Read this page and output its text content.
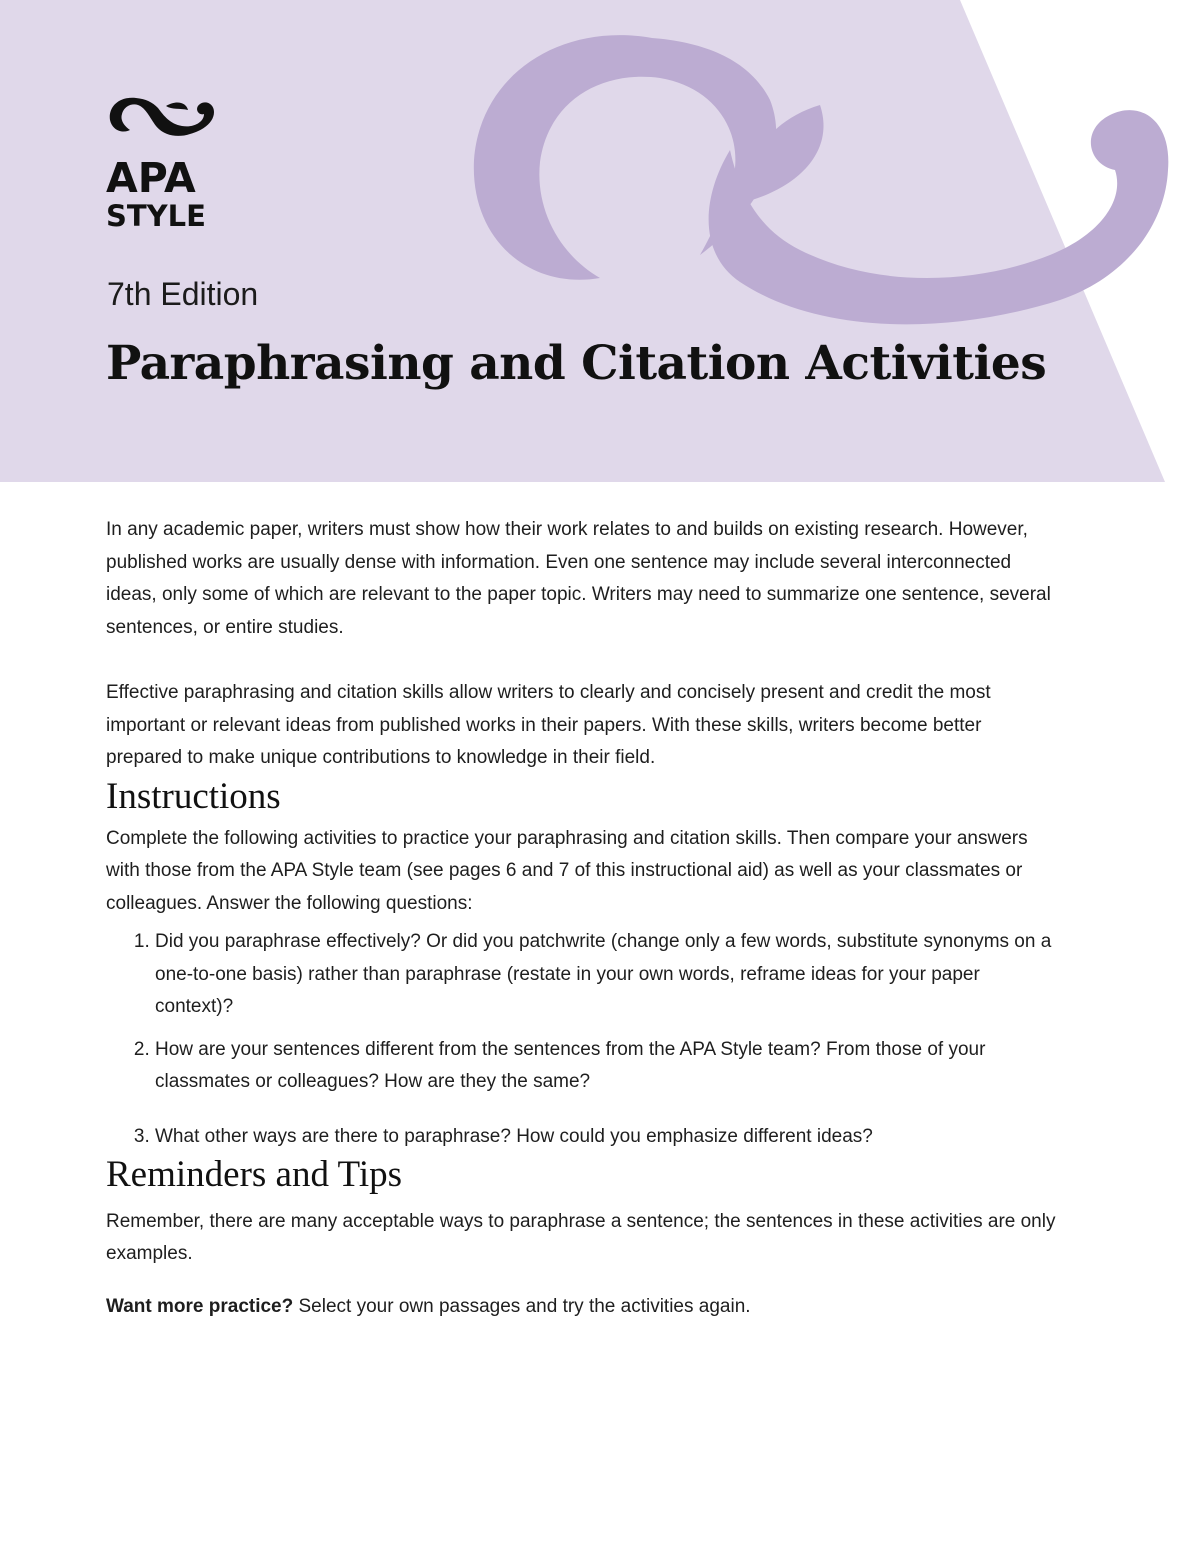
APA
STYLE
7th Edition
Paraphrasing and Citation Activities

In any academic paper, writers must show how their work relates to and builds on existing research. However, published works are usually dense with information. Even one sentence may include several interconnected ideas, only some of which are relevant to the paper topic. Writers may need to summarize one sentence, several sentences, or entire studies.

Effective paraphrasing and citation skills allow writers to clearly and concisely present and credit the most important or relevant ideas from published works in their papers. With these skills, writers become better prepared to make unique contributions to knowledge in their field.

Instructions

Complete the following activities to practice your paraphrasing and citation skills. Then compare your answers with those from the APA Style team (see pages 6 and 7 of this instructional aid) as well as your classmates or colleagues. Answer the following questions:

1. Did you paraphrase effectively? Or did you patchwrite (change only a few words, substitute synonyms on a one-to-one basis) rather than paraphrase (restate in your own words, reframe ideas for your paper context)?
2. How are your sentences different from the sentences from the APA Style team? From those of your classmates or colleagues? How are they the same?
3. What other ways are there to paraphrase? How could you emphasize different ideas?
Reminders and Tips

Remember, there are many acceptable ways to paraphrase a sentence; the sentences in these activities are only examples.

Want more practice? Select your own passages and try the activities again.
